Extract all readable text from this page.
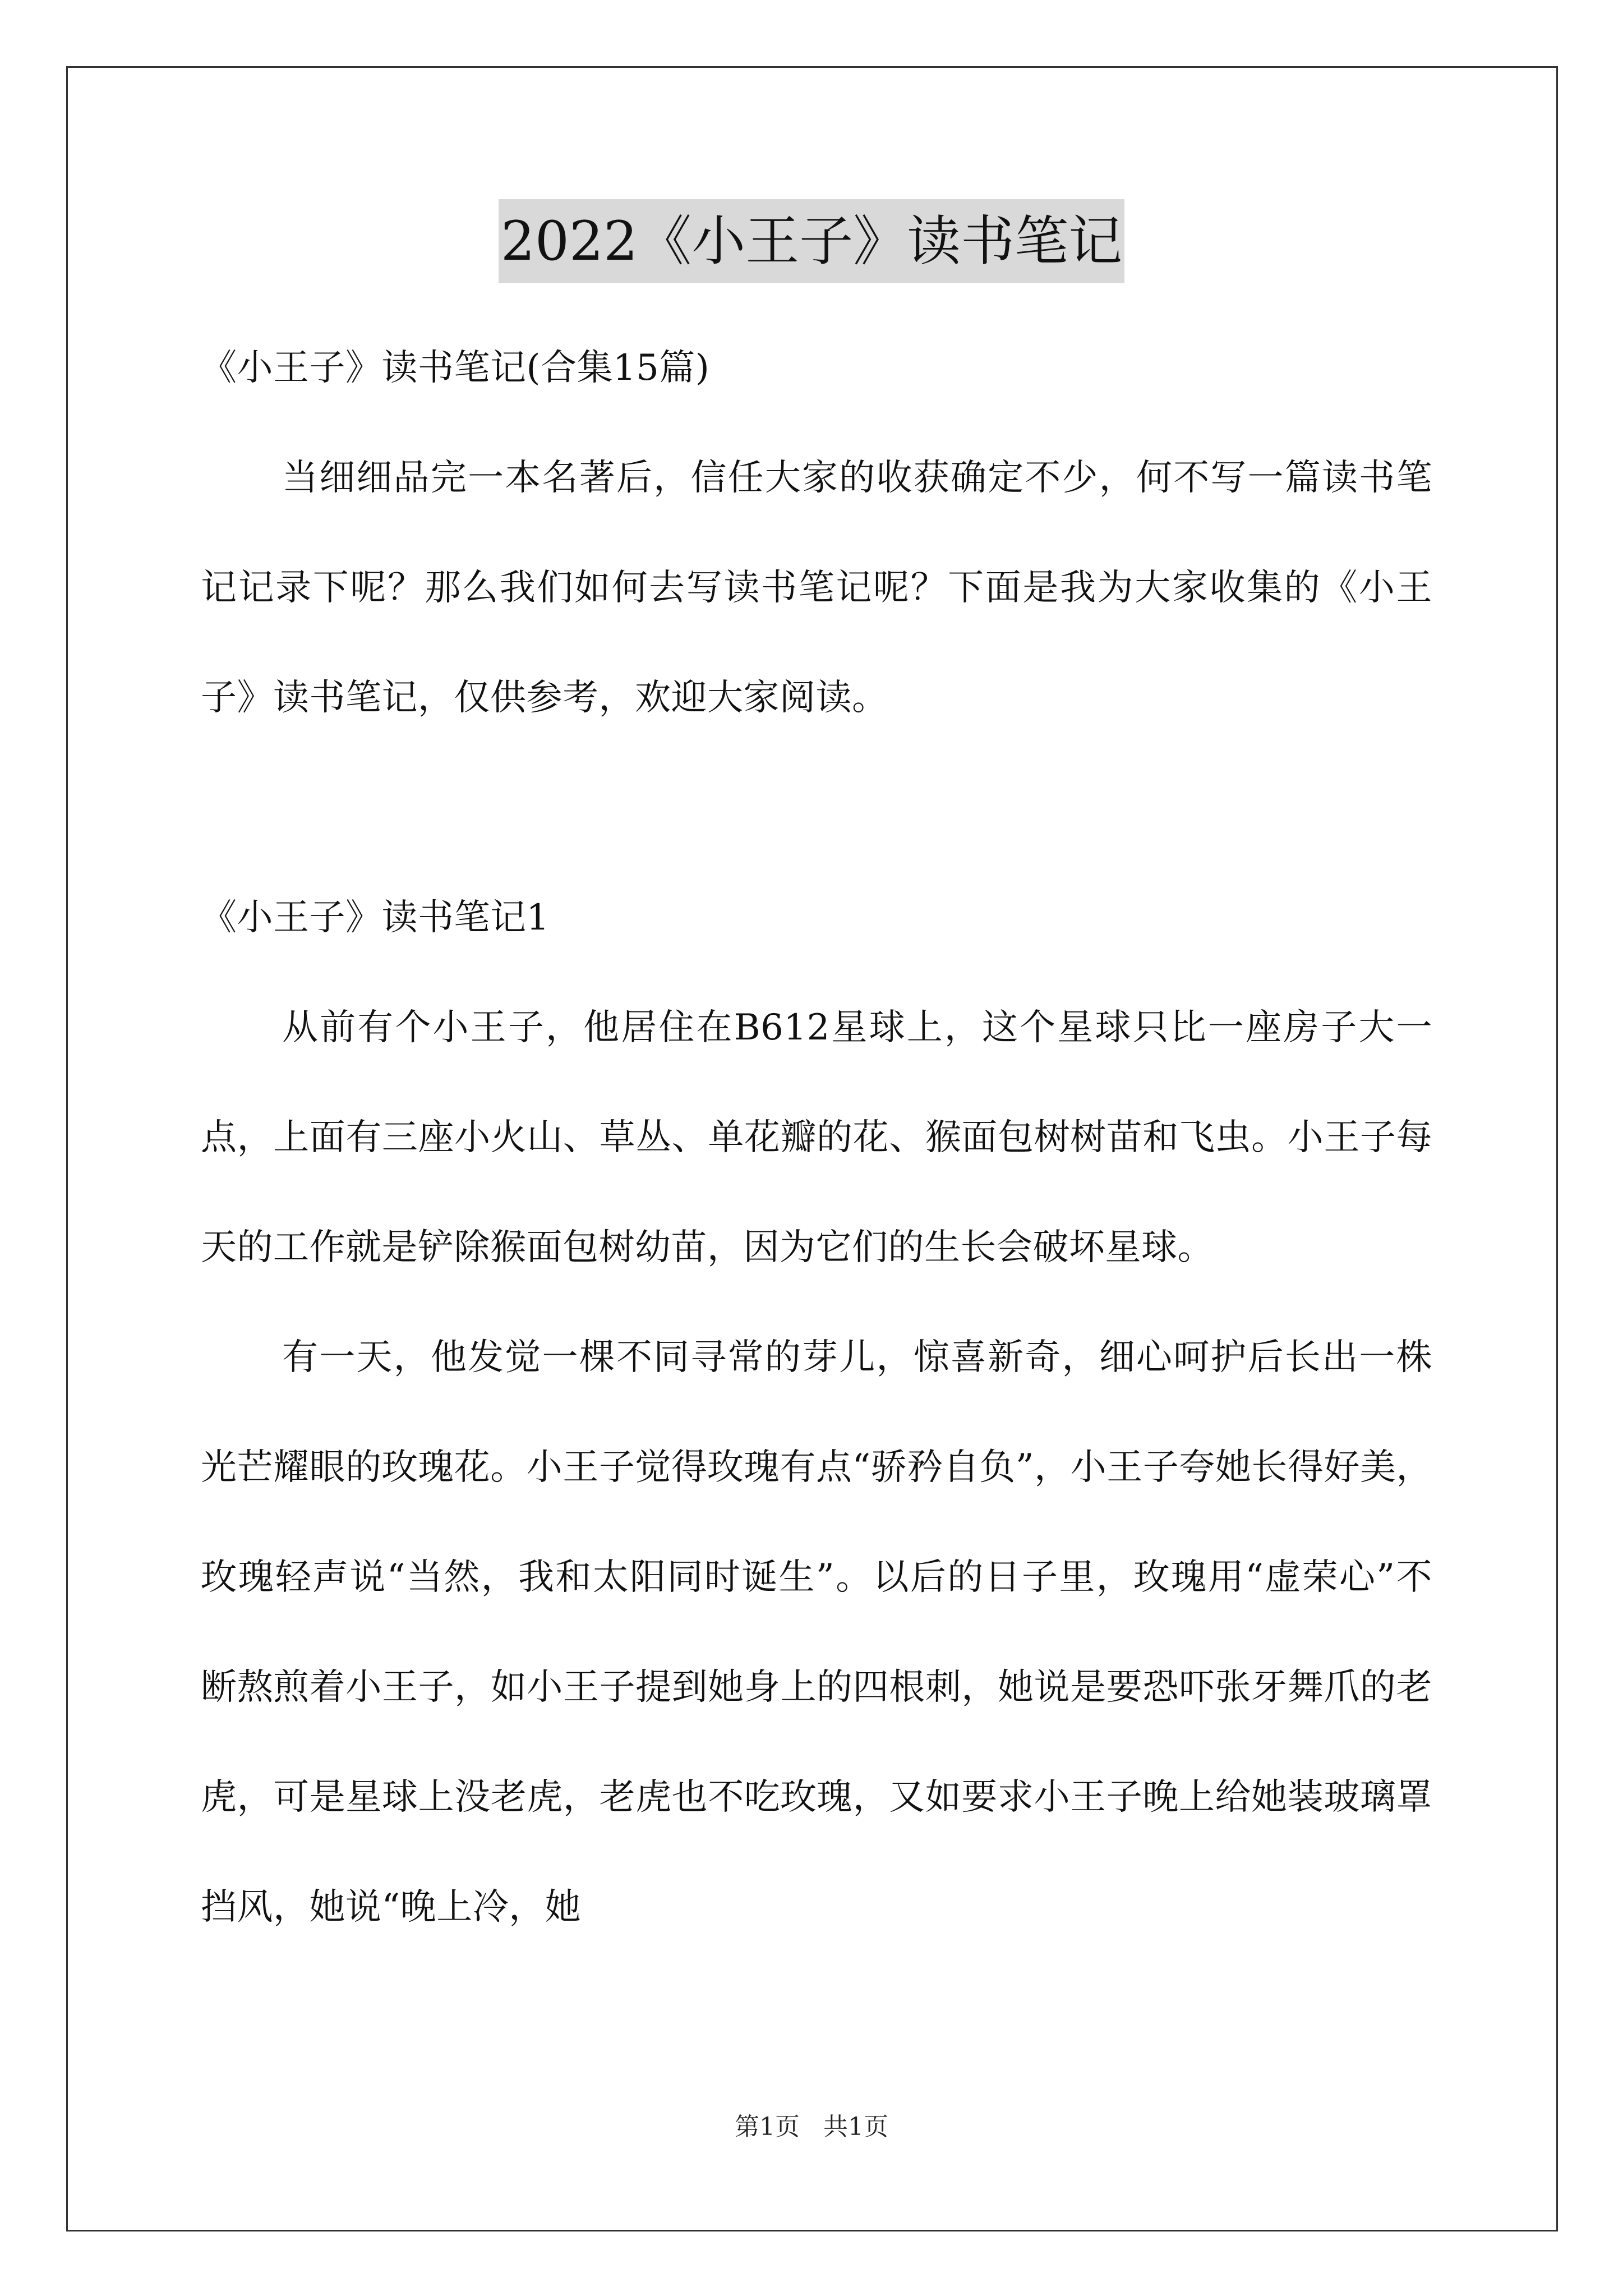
2022《小王子》读书笔记

《小王子》读书笔记(合集15篇)

当细细品完一本名著后，信任大家的收获确定不少，何不写一篇读书笔记记录下呢？那么我们如何去写读书笔记呢？下面是我为大家收集的《小王子》读书笔记，仅供参考，欢迎大家阅读。

《小王子》读书笔记1

从前有个小王子，他居住在B612星球上，这个星球只比一座房子大一点，上面有三座小火山、草丛、单花瓣的花、猴面包树树苗和飞虫。小王子每天的工作就是铲除猴面包树幼苗，因为它们的生长会破坏星球。

有一天，他发觉一棵不同寻常的芽儿，惊喜新奇，细心呵护后长出一株光芒耀眼的玫瑰花。小王子觉得玫瑰有点“骄矜自负”，小王子夸她长得好美，玫瑰轻声说“当然，我和太阳同时诞生”。以后的日子里，玫瑰用“虚荣心”不断熬煎着小王子，如小王子提到她身上的四根刺，她说是要恐吓张牙舞爪的老虎，可是星球上没老虎，老虎也不吃玫瑰，又如要求小王子晚上给她装玻璃罩挡风，她说“晚上冷，她

第1页   共1页
